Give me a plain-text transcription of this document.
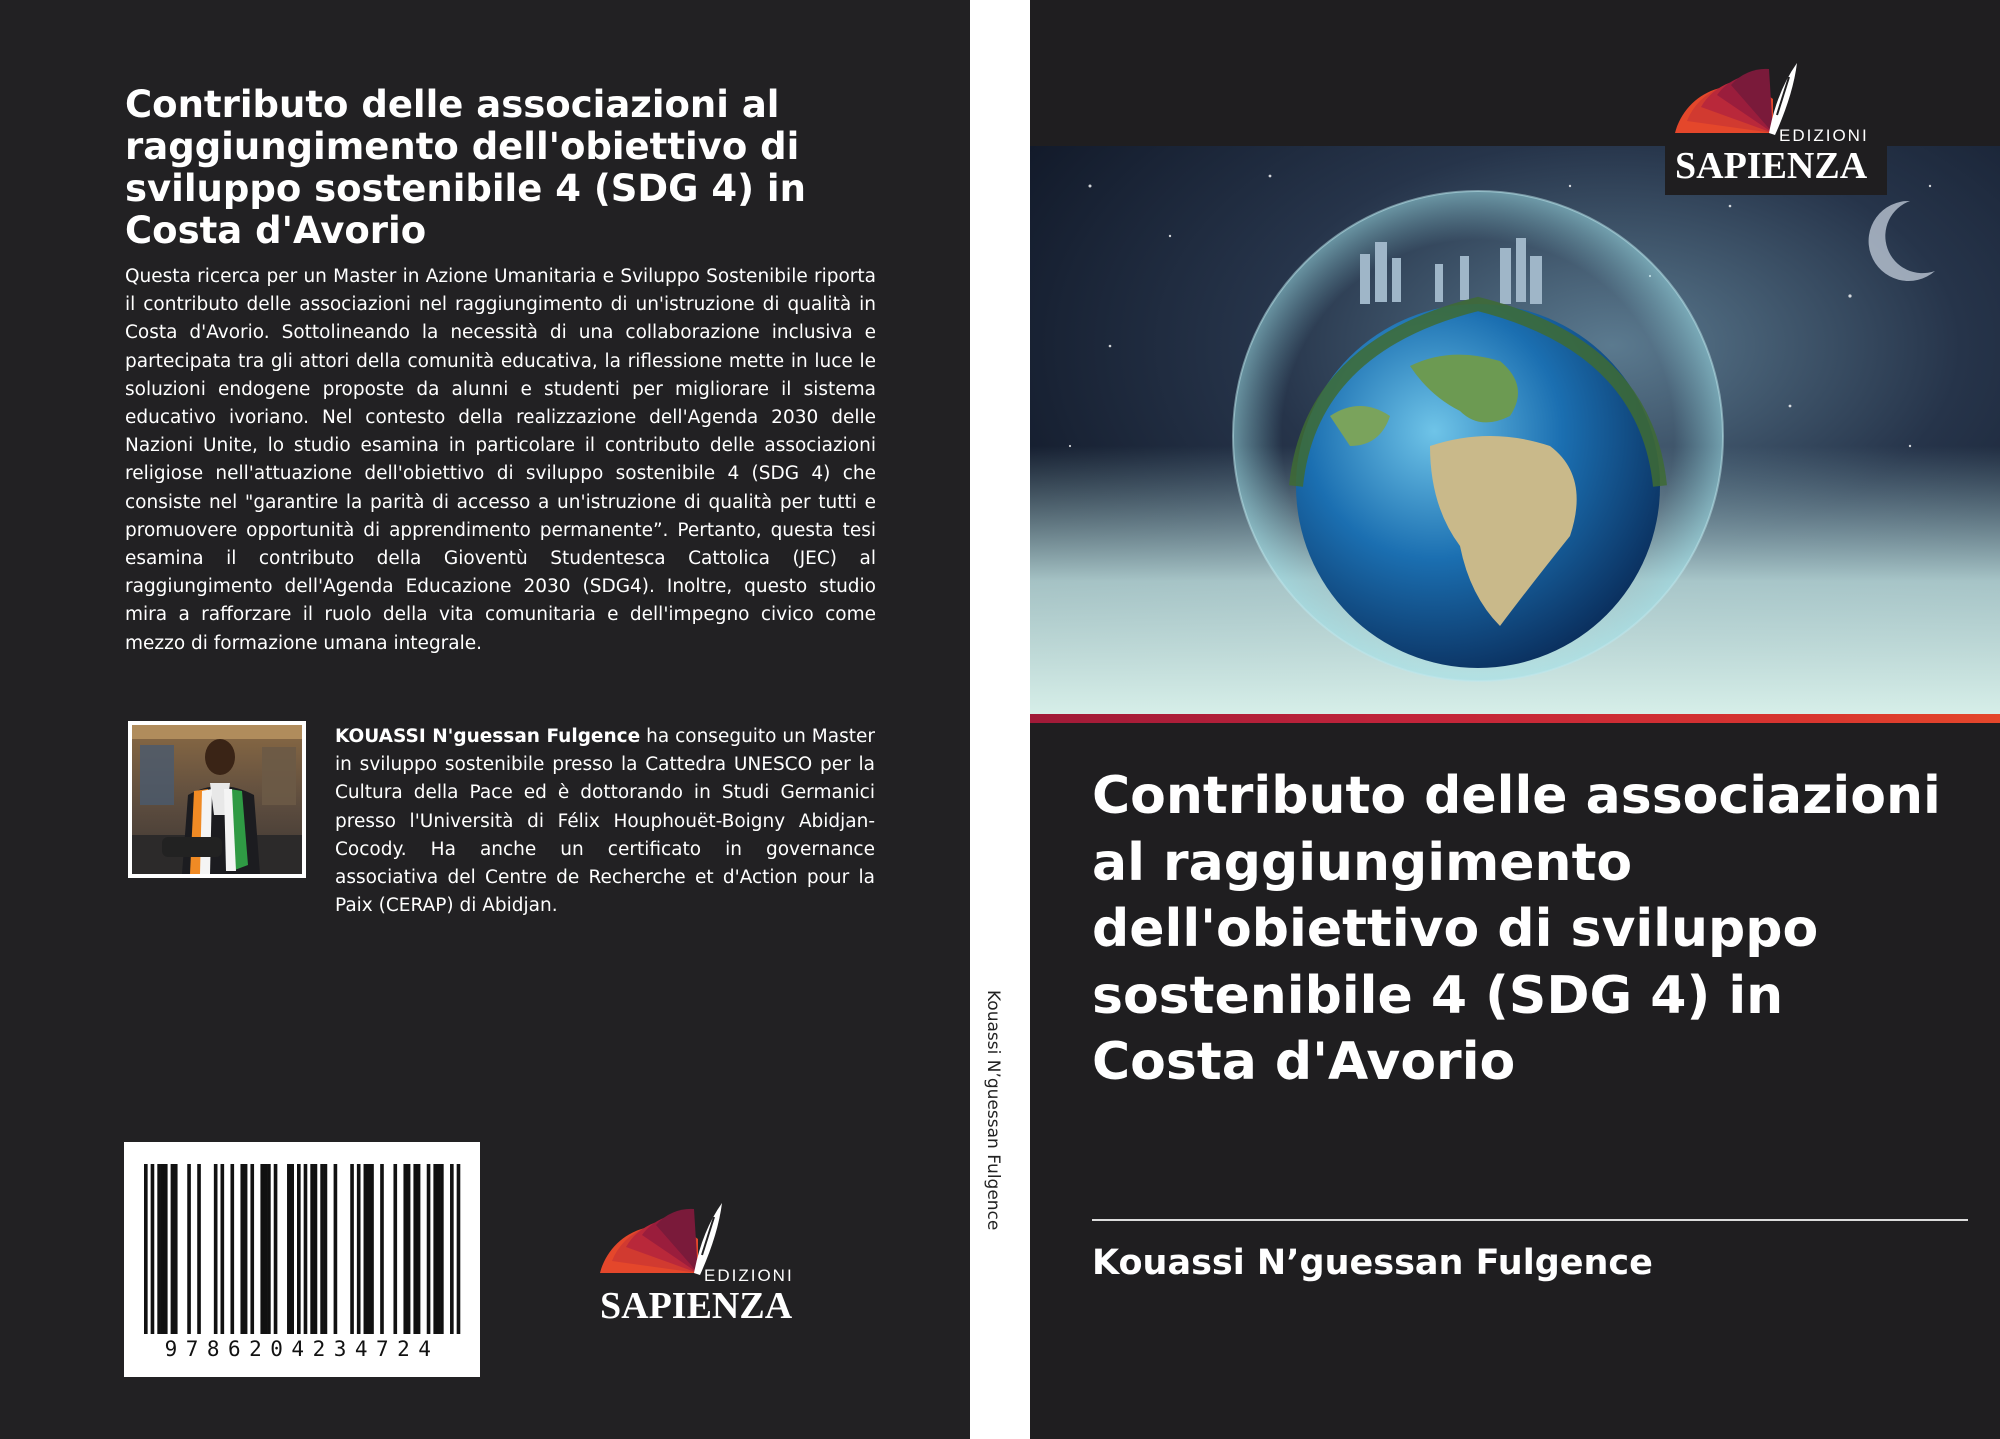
Contributo delle associazioni al raggiungimento dell'obiettivo di sviluppo sostenibile 4 (SDG 4) in Costa d'Avorio

Questa ricerca per un Master in Azione Umanitaria e Sviluppo Sostenibile riporta il contributo delle associazioni nel raggiungimento di un'istruzione di qualità in Costa d'Avorio. Sottolineando la necessità di una collaborazione inclusiva e partecipata tra gli attori della comunità educativa, la riflessione mette in luce le soluzioni endogene proposte da alunni e studenti per migliorare il sistema educativo ivoriano. Nel contesto della realizzazione dell'Agenda 2030 delle Nazioni Unite, lo studio esamina in particolare il contributo delle associazioni religiose nell'attuazione dell'obiettivo di sviluppo sostenibile 4 (SDG 4) che consiste nel "garantire la parità di accesso a un'istruzione di qualità per tutti e promuovere opportunità di apprendimento permanente”. Pertanto, questa tesi esamina il contributo della Gioventù Studentesca Cattolica (JEC) al raggiungimento dell'Agenda Educazione 2030 (SDG4). Inoltre, questo studio mira a rafforzare il ruolo della vita comunitaria e dell'impegno civico come mezzo di formazione umana integrale.

KOUASSI N'guessan Fulgence ha conseguito un Master in sviluppo sostenibile presso la Cattedra UNESCO per la Cultura della Pace ed è dottorando in Studi Germanici presso l'Università di Félix Houphouët-Boigny Abidjan-Cocody. Ha anche un certificato in governance associativa del Centre de Recherche et d'Action pour la Paix (CERAP) di Abidjan.

9786204234724
EDIZIONI
SAPIENZA
Kouassi N’guessan Fulgence
EDIZIONI
SAPIENZA
Contributo delle associazioni al raggiungimento dell'obiettivo di sviluppo sostenibile 4 (SDG 4) in Costa d'Avorio
Kouassi N’guessan Fulgence
